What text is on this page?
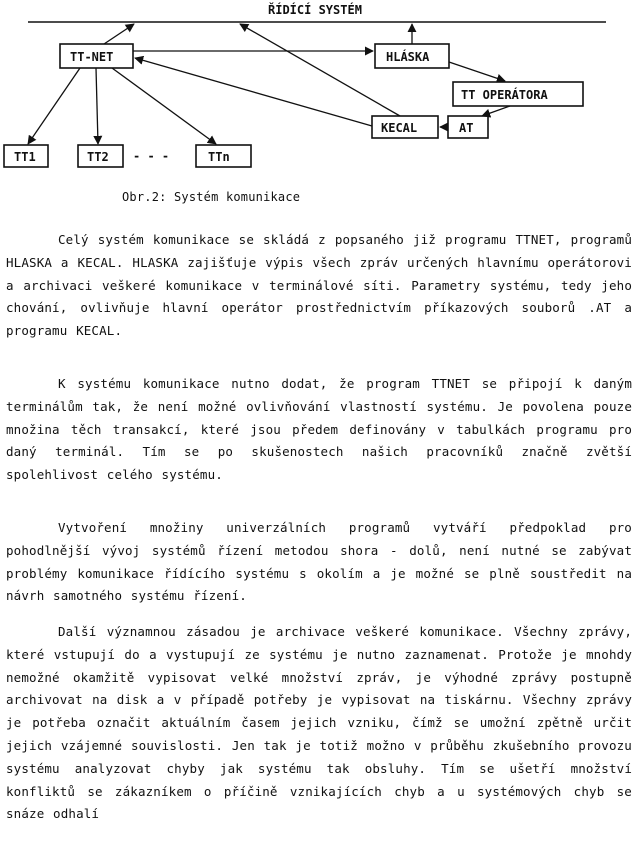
ŘÍDÍCÍ SYSTÉM
TT-NET	HLÁSKA
TT OPERÁTORA
KECAL	AT
TT1	TT2 - - -	TTn
Obr.2: Systém komunikace

Celý systém komunikace se skládá z popsaného již programu TTNET, programů HLASKA a KECAL. HLASKA zajišťuje výpis všech zpráv určených hlavnímu operátorovi a archivaci veškeré komunikace v terminálové síti. Parametry systému, tedy jeho chování, ovlivňuje hlavní operátor prostřednictvím příkazových souborů .AT a programu KECAL.

K systému komunikace nutno dodat, že program TTNET se připojí k daným terminálům tak, že není možné ovlivňování vlastností systému. Je povolena pouze množina těch transakcí, které jsou předem definovány v tabulkách programu pro daný terminál. Tím se po skušenostech našich pracovníků značně zvětší spolehlivost celého systému.

Vytvoření množiny univerzálních programů vytváří předpoklad pro pohodlnější vývoj systémů řízení metodou shora - dolů, není nutné se zabývat problémy komunikace řídícího systému s okolím a je možné se plně soustředit na návrh samotného systému řízení.

Další významnou zásadou je archivace veškeré komunikace. Všechny zprávy, které vstupují do a vystupují ze systému je nutno zaznamenat. Protože je mnohdy nemožné okamžitě vypisovat velké množství zpráv, je výhodné zprávy postupně archivovat na disk a v případě potřeby je vypisovat na tiskárnu. Všechny zprávy je potřeba označit aktuálním časem jejich vzniku, čímž se umožní zpětně určit jejich vzájemné souvislosti. Jen tak je totiž možno v průběhu zkušebního provozu systému analyzovat chyby jak systému tak obsluhy. Tím se ušetří množství konfliktů se zákazníkem o příčině vznikajících chyb a u systémových chyb se snáze odhalí
